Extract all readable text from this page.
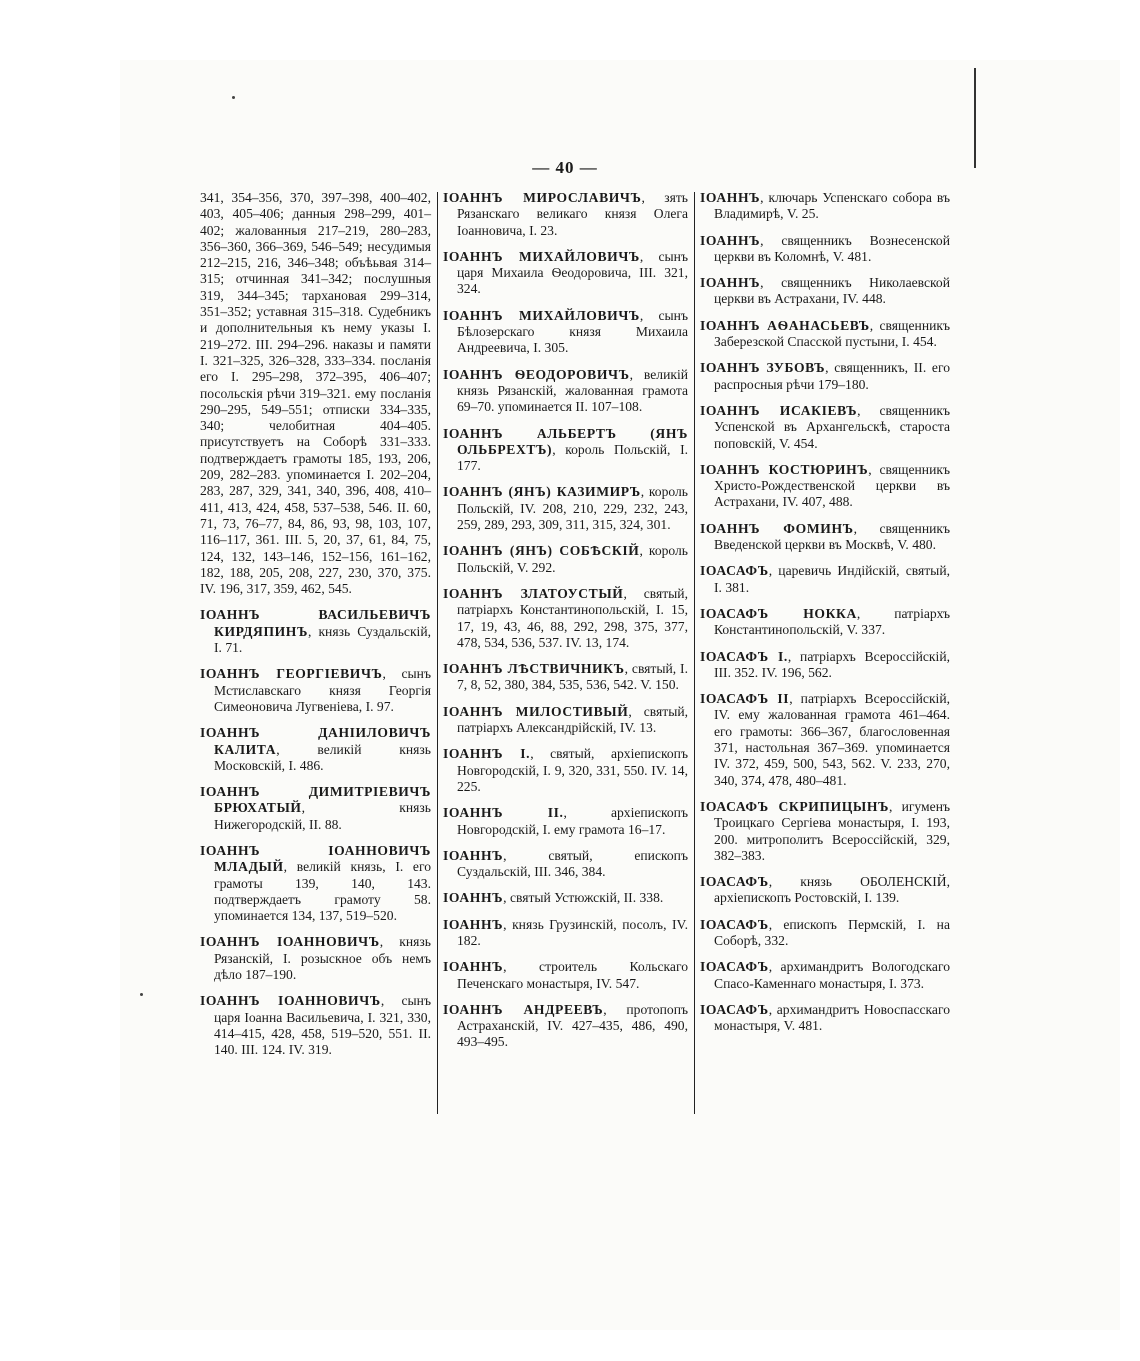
— 40 —

341, 354–356, 370, 397–398, 400–402, 403, 405–406; данныя 298–299, 401–402; жалованныя 217–219, 280–283, 356–360, 366–369, 546–549; несудимыя 212–215, 216, 346–348; объѣьвая 314–315; отчинная 341–342; послушныя 319, 344–345; тархановая 299–314, 351–352; уставная 315–318. Судебникъ и дополнительныя къ нему указы I. 219–272. III. 294–296. наказы и памяти I. 321–325, 326–328, 333–334. посланія его I. 295–298, 372–395, 406–407; посольскія рѣчи 319–321. ему посланія 290–295, 549–551; отписки 334–335, 340; челобитная 404–405. присутствуетъ на Соборѣ 331–333. подтверждаетъ грамоты 185, 193, 206, 209, 282–283. упоминается I. 202–204, 283, 287, 329, 341, 340, 396, 408, 410–411, 413, 424, 458, 537–538, 546. II. 60, 71, 73, 76–77, 84, 86, 93, 98, 103, 107, 116–117, 361. III. 5, 20, 37, 61, 84, 75, 124, 132, 143–146, 152–156, 161–162, 182, 188, 205, 208, 227, 230, 370, 375. IV. 196, 317, 359, 462, 545.

ІОАННЪ ВАСИЛЬЕВИЧЪ КИРДЯПИНЪ, князь Суздальскій, I. 71.

ІОАННЪ ГЕОРГІЕВИЧЪ, сынъ Мстиславскаго князя Георгія Симеоновича Лугвеніева, I. 97.

ІОАННЪ ДАНІИЛОВИЧЪ КАЛИТА, великій князь Московскій, I. 486.

ІОАННЪ ДИМИТРІЕВИЧЪ БРЮХАТЫЙ, князь Нижегородскій, II. 88.

ІОАННЪ ІОАННОВИЧЪ МЛАДЫЙ, великій князь, I. его грамоты 139, 140, 143. подтверждаетъ грамоту 58. упоминается 134, 137, 519–520.

ІОАННЪ ІОАННОВИЧЪ, князь Рязанскій, I. розыскное объ немъ дѣло 187–190.

ІОАННЪ ІОАННОВИЧЪ, сынъ царя Іоанна Васильевича, I. 321, 330, 414–415, 428, 458, 519–520, 551. II. 140. III. 124. IV. 319.

ІОАННЪ МИРОСЛАВИЧЪ, зять Рязанскаго великаго князя Олега Іоанновича, I. 23.

ІОАННЪ МИХАЙЛОВИЧЪ, сынъ царя Михаила Ѳеодоровича, III. 321, 324.

ІОАННЪ МИХАЙЛОВИЧЪ, сынъ Бѣлозерскаго князя Михаила Андреевича, I. 305.

ІОАННЪ ѲЕОДОРОВИЧЪ, великій князь Рязанскій, жалованная грамота 69–70. упоминается II. 107–108.

ІОАННЪ АЛЬБЕРТЪ (ЯНЪ ОЛЬБРЕХТЪ), король Польскій, I. 177.

ІОАННЪ (ЯНЪ) КАЗИМИРЪ, король Польскій, IV. 208, 210, 229, 232, 243, 259, 289, 293, 309, 311, 315, 324, 301.

ІОАННЪ (ЯНЪ) СОБѢСКІЙ, король Польскій, V. 292.

ІОАННЪ ЗЛАТОУСТЫЙ, святый, патріархъ Константинопольскій, I. 15, 17, 19, 43, 46, 88, 292, 298, 375, 377, 478, 534, 536, 537. IV. 13, 174.

ІОАННЪ ЛѢСТВИЧНИКЪ, святый, I. 7, 8, 52, 380, 384, 535, 536, 542. V. 150.

ІОАННЪ МИЛОСТИВЫЙ, святый, патріархъ Александрійскій, IV. 13.

ІОАННЪ I., святый, архіепископъ Новгородскій, I. 9, 320, 331, 550. IV. 14, 225.

ІОАННЪ II., архіепископъ Новгородскій, I. ему грамота 16–17.

ІОАННЪ, святый, епископъ Суздальскій, III. 346, 384.

ІОАННЪ, святый Устюжскій, II. 338.

ІОАННЪ, князь Грузинскій, посолъ, IV. 182.

ІОАННЪ, строитель Кольскаго Печенскаго монастыря, IV. 547.

ІОАННЪ АНДРЕЕВЪ, протопопъ Астраханскій, IV. 427–435, 486, 490, 493–495.

ІОАННЪ, ключарь Успенскаго собора въ Владимирѣ, V. 25.

ІОАННЪ, священникъ Вознесенской церкви въ Коломнѣ, V. 481.

ІОАННЪ, священникъ Николаевской церкви въ Астрахани, IV. 448.

ІОАННЪ АѲАНАСЬЕВЪ, священникъ Заберезской Спасской пустыни, I. 454.

ІОАННЪ ЗУБОВЪ, священникъ, II. его распросныя рѣчи 179–180.

ІОАННЪ ИСАКІЕВЪ, священникъ Успенской въ Архангельскѣ, староста поповскій, V. 454.

ІОАННЪ КОСТЮРИНЪ, священникъ Христо-Рождественской церкви въ Астрахани, IV. 407, 488.

ІОАННЪ ФОМИНЪ, священникъ Введенской церкви въ Москвѣ, V. 480.

ІОАСАФЪ, царевичь Индійскій, святый, I. 381.

ІОАСАФЪ НОККА, патріархъ Константинопольскій, V. 337.

ІОАСАФЪ I., патріархъ Всероссійскій, III. 352. IV. 196, 562.

ІОАСАФЪ II, патріархъ Всероссійскій, IV. ему жалованная грамота 461–464. его грамоты: 366–367, благословенная 371, настольная 367–369. упоминается IV. 372, 459, 500, 543, 562. V. 233, 270, 340, 374, 478, 480–481.

ІОАСАФЪ СКРИПИЦЫНЪ, игуменъ Троицкаго Сергіева монастыря, I. 193, 200. митрополитъ Всероссійскій, 329, 382–383.

ІОАСАФЪ, князь ОБОЛЕНСКІЙ, архіепископъ Ростовскій, I. 139.

ІОАСАФЪ, епископъ Пермскій, I. на Соборѣ, 332.

ІОАСАФЪ, архимандритъ Вологодскаго Спасо-Каменнаго монастыря, I. 373.

ІОАСАФЪ, архимандритъ Новоспасскаго монастыря, V. 481.
